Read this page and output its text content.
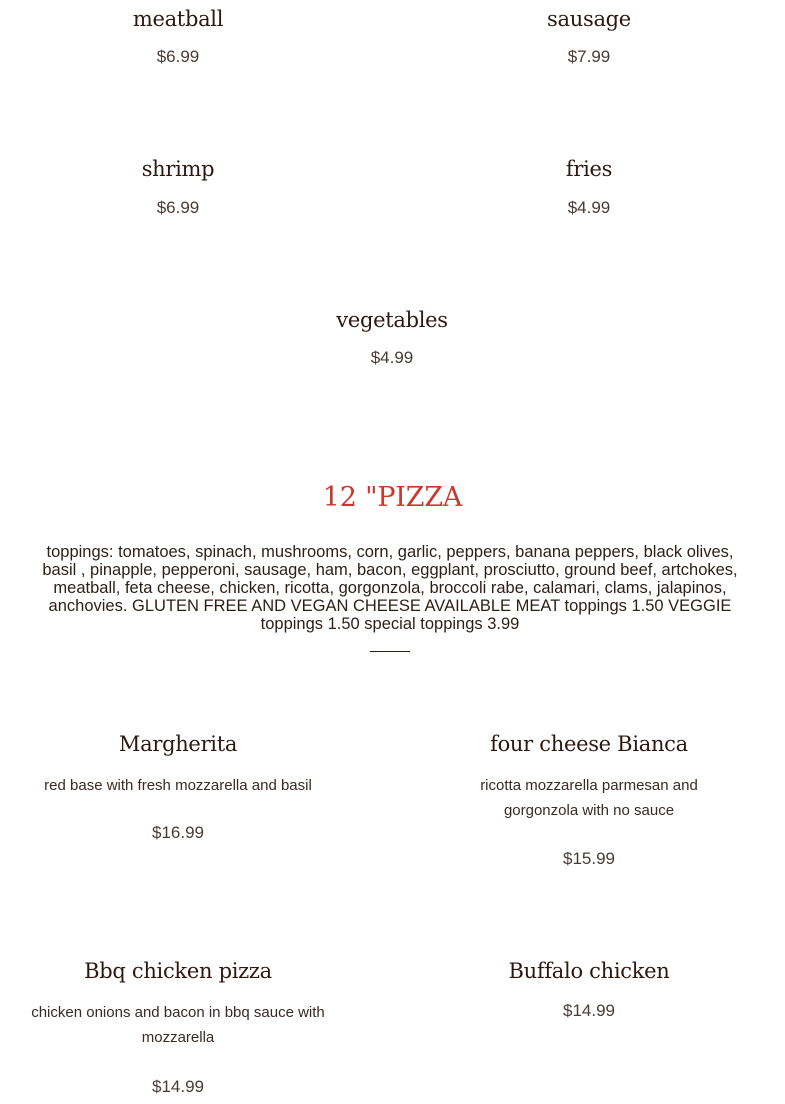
meatball

$6.99

sausage

$7.99

shrimp

$6.99

fries

$4.99

vegetables

$4.99

12 "PIZZA
toppings: tomatoes, spinach, mushrooms, corn, garlic, peppers, banana peppers, black olives, basil , pinapple, pepperoni, sausage, ham, bacon, eggplant, prosciutto, ground beef, artchokes, meatball, feta cheese, chicken, ricotta, gorgonzola, broccoli rabe, calamari, clams, jalapinos, anchovies. GLUTEN FREE AND VEGAN CHEESE AVAILABLE MEAT toppings 1.50 VEGGIE toppings 1.50 special toppings 3.99

Margherita

red base with fresh mozzarella and basil

$16.99

four cheese Bianca

ricotta mozzarella parmesan and gorgonzola with no sauce

$15.99

Bbq chicken pizza

chicken onions and bacon in bbq sauce with mozzarella

$14.99

Buffalo chicken

$14.99
